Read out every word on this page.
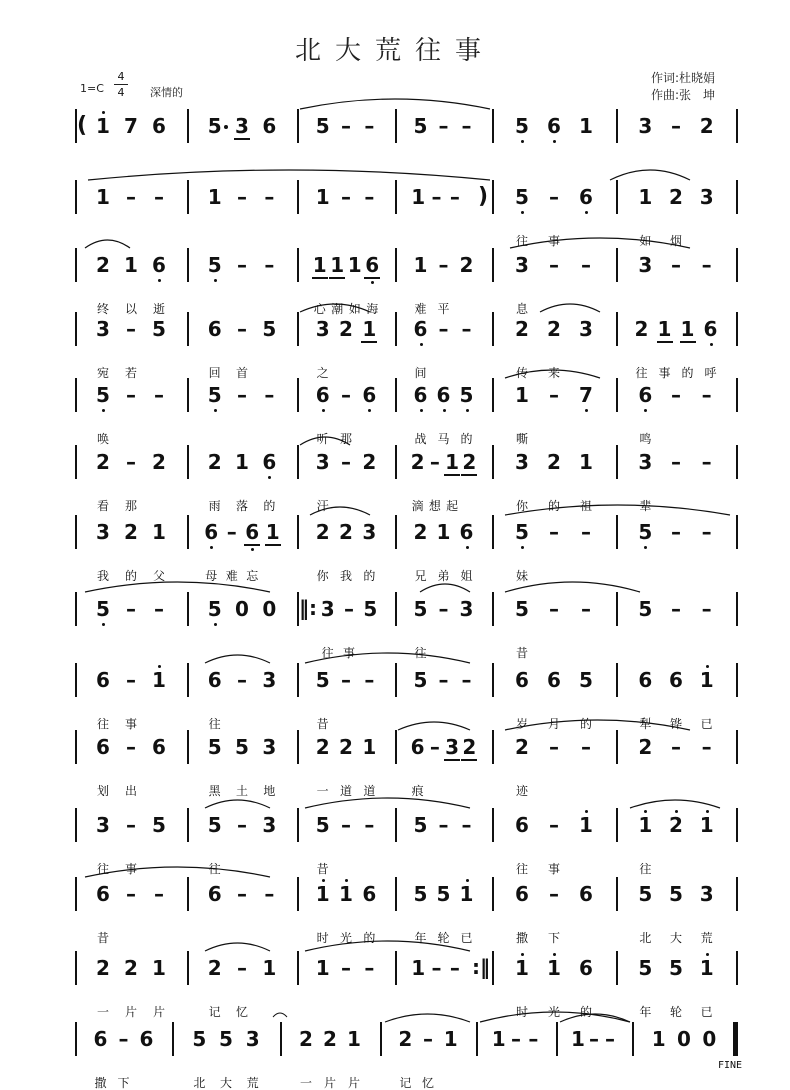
北大荒往事
1=C
4
4	深情的
作词:杜晓娟
作曲:张　坤
1 7 6 5 3 6 5 – – 5 – – 5 6 1 3 – 2
1 – – 1 – – 1 – – 1 – – ) 5 – 6
往	事
1 2 3
如	烟
2 1 6
终	以	逝
5 – – 1 1 1 6
心 潮 如 海
1 – 2
难 平
3 – –
息
3 – –
3 – 5
宛	若
6 – 5
回	首
3 2 1
之
6 – –
间
2 2 3
传	来
2 1 1 6
往 事 的 呼
5 – –
唤
5 – – 6 – 6
听 那
6 6 5
战 马 的
1 – 7
嘶
6 – –
鸣
2 – 2
看	那
2 1 6
雨	落	的
3 – 2
汗
2 – 1 2
滴 想 起
3 2 1
你	的	祖
3 – –
辈
3 2 1
我	的	父
6 – 6 1
母 难 忘
2 2 3
你 我 的
2 1 6
兄 弟 姐
5 – –
妹
5 – –
5 – – 5 0 0 3 – 5
‖:
往 事
5 – 3
往
5 – –
昔
5 – –
6 – 1
往	事
6 – 3
往
5 – –
昔
5 – – 6 6 5
岁	月	的
6 6 1
犁	铧	已
6 – 6
划	出
5 5 3
黑	土	地
2 2 1
一 道 道
6 – 3 2
痕
2 – –
迹
2 – –
3 – 5
往	事
5 – 3
往
5 – –
昔
5 – – 6 – 1
往	事
1 2 1
往
6 – –
昔
6 – – 1 1 6
时 光 的
5 5 1
年 轮 已
6 – 6
撒	下
5 5 3
北	大	荒
2 2 1
一	片	片
2 – 1
记	忆
1 – – 1 – – :‖ 1 1 6
时	光	的
5 5 1
年	轮	已
6 – 6
撒 下
5 5 3
北	大	荒
2 2 1
一 片 片
2 – 1
记 忆
1 – – 1 – – 1 0 0
(
FINE
